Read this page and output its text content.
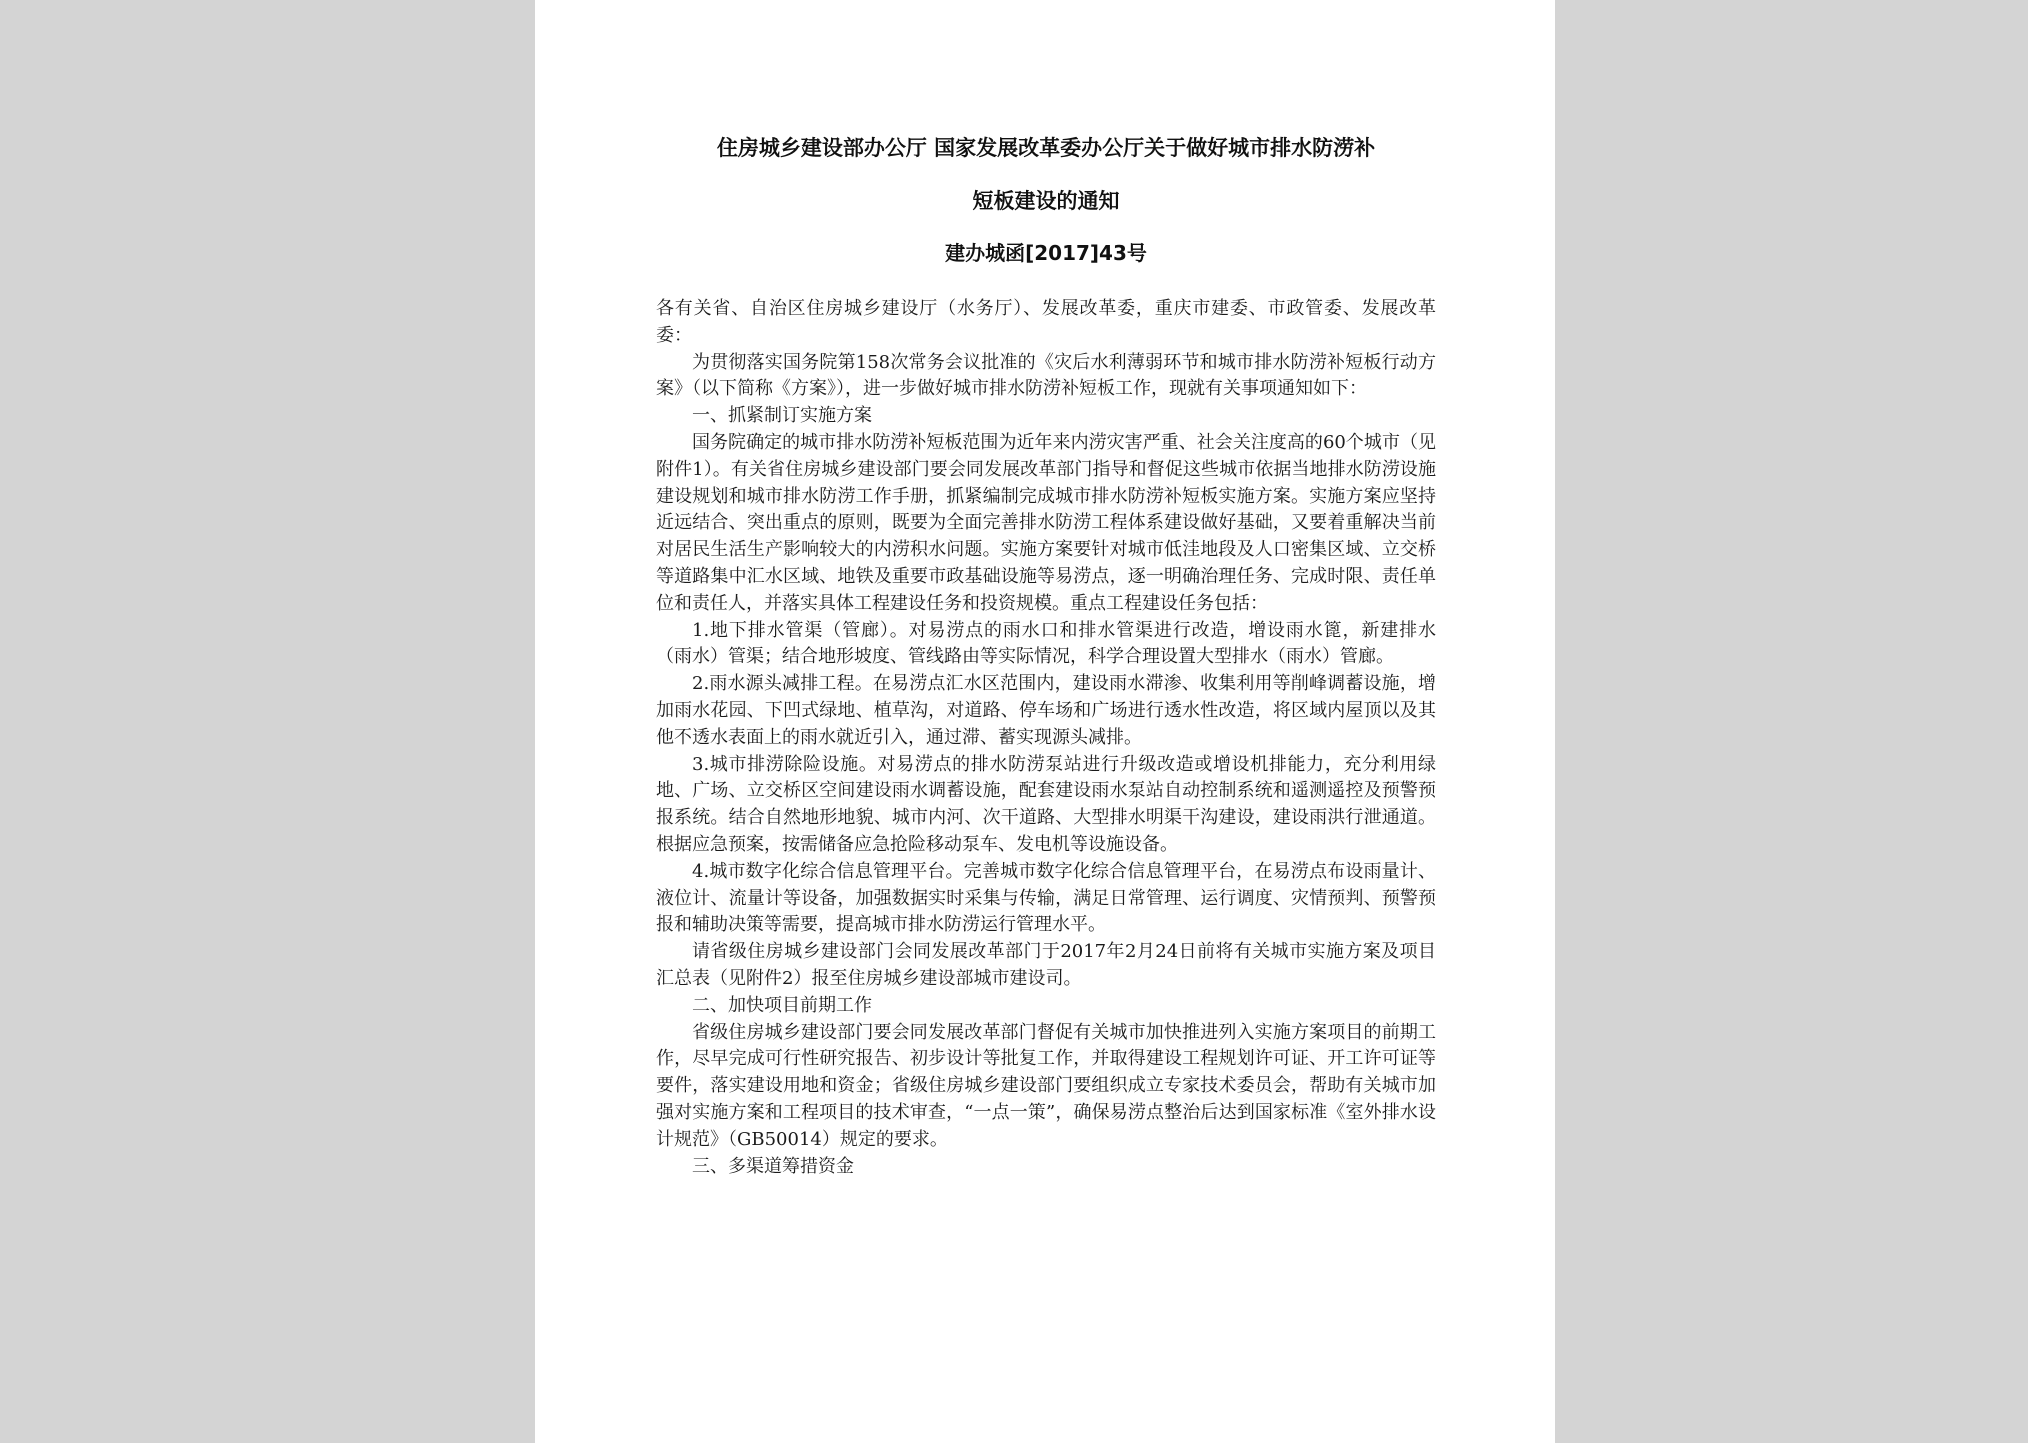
住房城乡建设部办公厅 国家发展改革委办公厅关于做好城市排水防涝补

短板建设的通知

建办城函[2017]43号

各有关省、自治区住房城乡建设厅（水务厅）、发展改革委，重庆市建委、市政管委、发展改革委：

为贯彻落实国务院第158次常务会议批准的《灾后水利薄弱环节和城市排水防涝补短板行动方案》（以下简称《方案》），进一步做好城市排水防涝补短板工作，现就有关事项通知如下：

一、抓紧制订实施方案

国务院确定的城市排水防涝补短板范围为近年来内涝灾害严重、社会关注度高的60个城市（见附件1）。有关省住房城乡建设部门要会同发展改革部门指导和督促这些城市依据当地排水防涝设施建设规划和城市排水防涝工作手册，抓紧编制完成城市排水防涝补短板实施方案。实施方案应坚持近远结合、突出重点的原则，既要为全面完善排水防涝工程体系建设做好基础，又要着重解决当前对居民生活生产影响较大的内涝积水问题。实施方案要针对城市低洼地段及人口密集区域、立交桥等道路集中汇水区域、地铁及重要市政基础设施等易涝点，逐一明确治理任务、完成时限、责任单位和责任人，并落实具体工程建设任务和投资规模。重点工程建设任务包括：

1.地下排水管渠（管廊）。对易涝点的雨水口和排水管渠进行改造，增设雨水篦，新建排水（雨水）管渠；结合地形坡度、管线路由等实际情况，科学合理设置大型排水（雨水）管廊。

2.雨水源头减排工程。在易涝点汇水区范围内，建设雨水滞渗、收集利用等削峰调蓄设施，增加雨水花园、下凹式绿地、植草沟，对道路、停车场和广场进行透水性改造，将区域内屋顶以及其他不透水表面上的雨水就近引入，通过滞、蓄实现源头减排。

3.城市排涝除险设施。对易涝点的排水防涝泵站进行升级改造或增设机排能力，充分利用绿地、广场、立交桥区空间建设雨水调蓄设施，配套建设雨水泵站自动控制系统和遥测遥控及预警预报系统。结合自然地形地貌、城市内河、次干道路、大型排水明渠干沟建设，建设雨洪行泄通道。根据应急预案，按需储备应急抢险移动泵车、发电机等设施设备。

4.城市数字化综合信息管理平台。完善城市数字化综合信息管理平台，在易涝点布设雨量计、液位计、流量计等设备，加强数据实时采集与传输，满足日常管理、运行调度、灾情预判、预警预报和辅助决策等需要，提高城市排水防涝运行管理水平。

请省级住房城乡建设部门会同发展改革部门于2017年2月24日前将有关城市实施方案及项目汇总表（见附件2）报至住房城乡建设部城市建设司。

二、加快项目前期工作

省级住房城乡建设部门要会同发展改革部门督促有关城市加快推进列入实施方案项目的前期工作，尽早完成可行性研究报告、初步设计等批复工作，并取得建设工程规划许可证、开工许可证等要件，落实建设用地和资金；省级住房城乡建设部门要组织成立专家技术委员会，帮助有关城市加强对实施方案和工程项目的技术审查，“一点一策”，确保易涝点整治后达到国家标准《室外排水设计规范》（GB50014）规定的要求。

三、多渠道筹措资金
